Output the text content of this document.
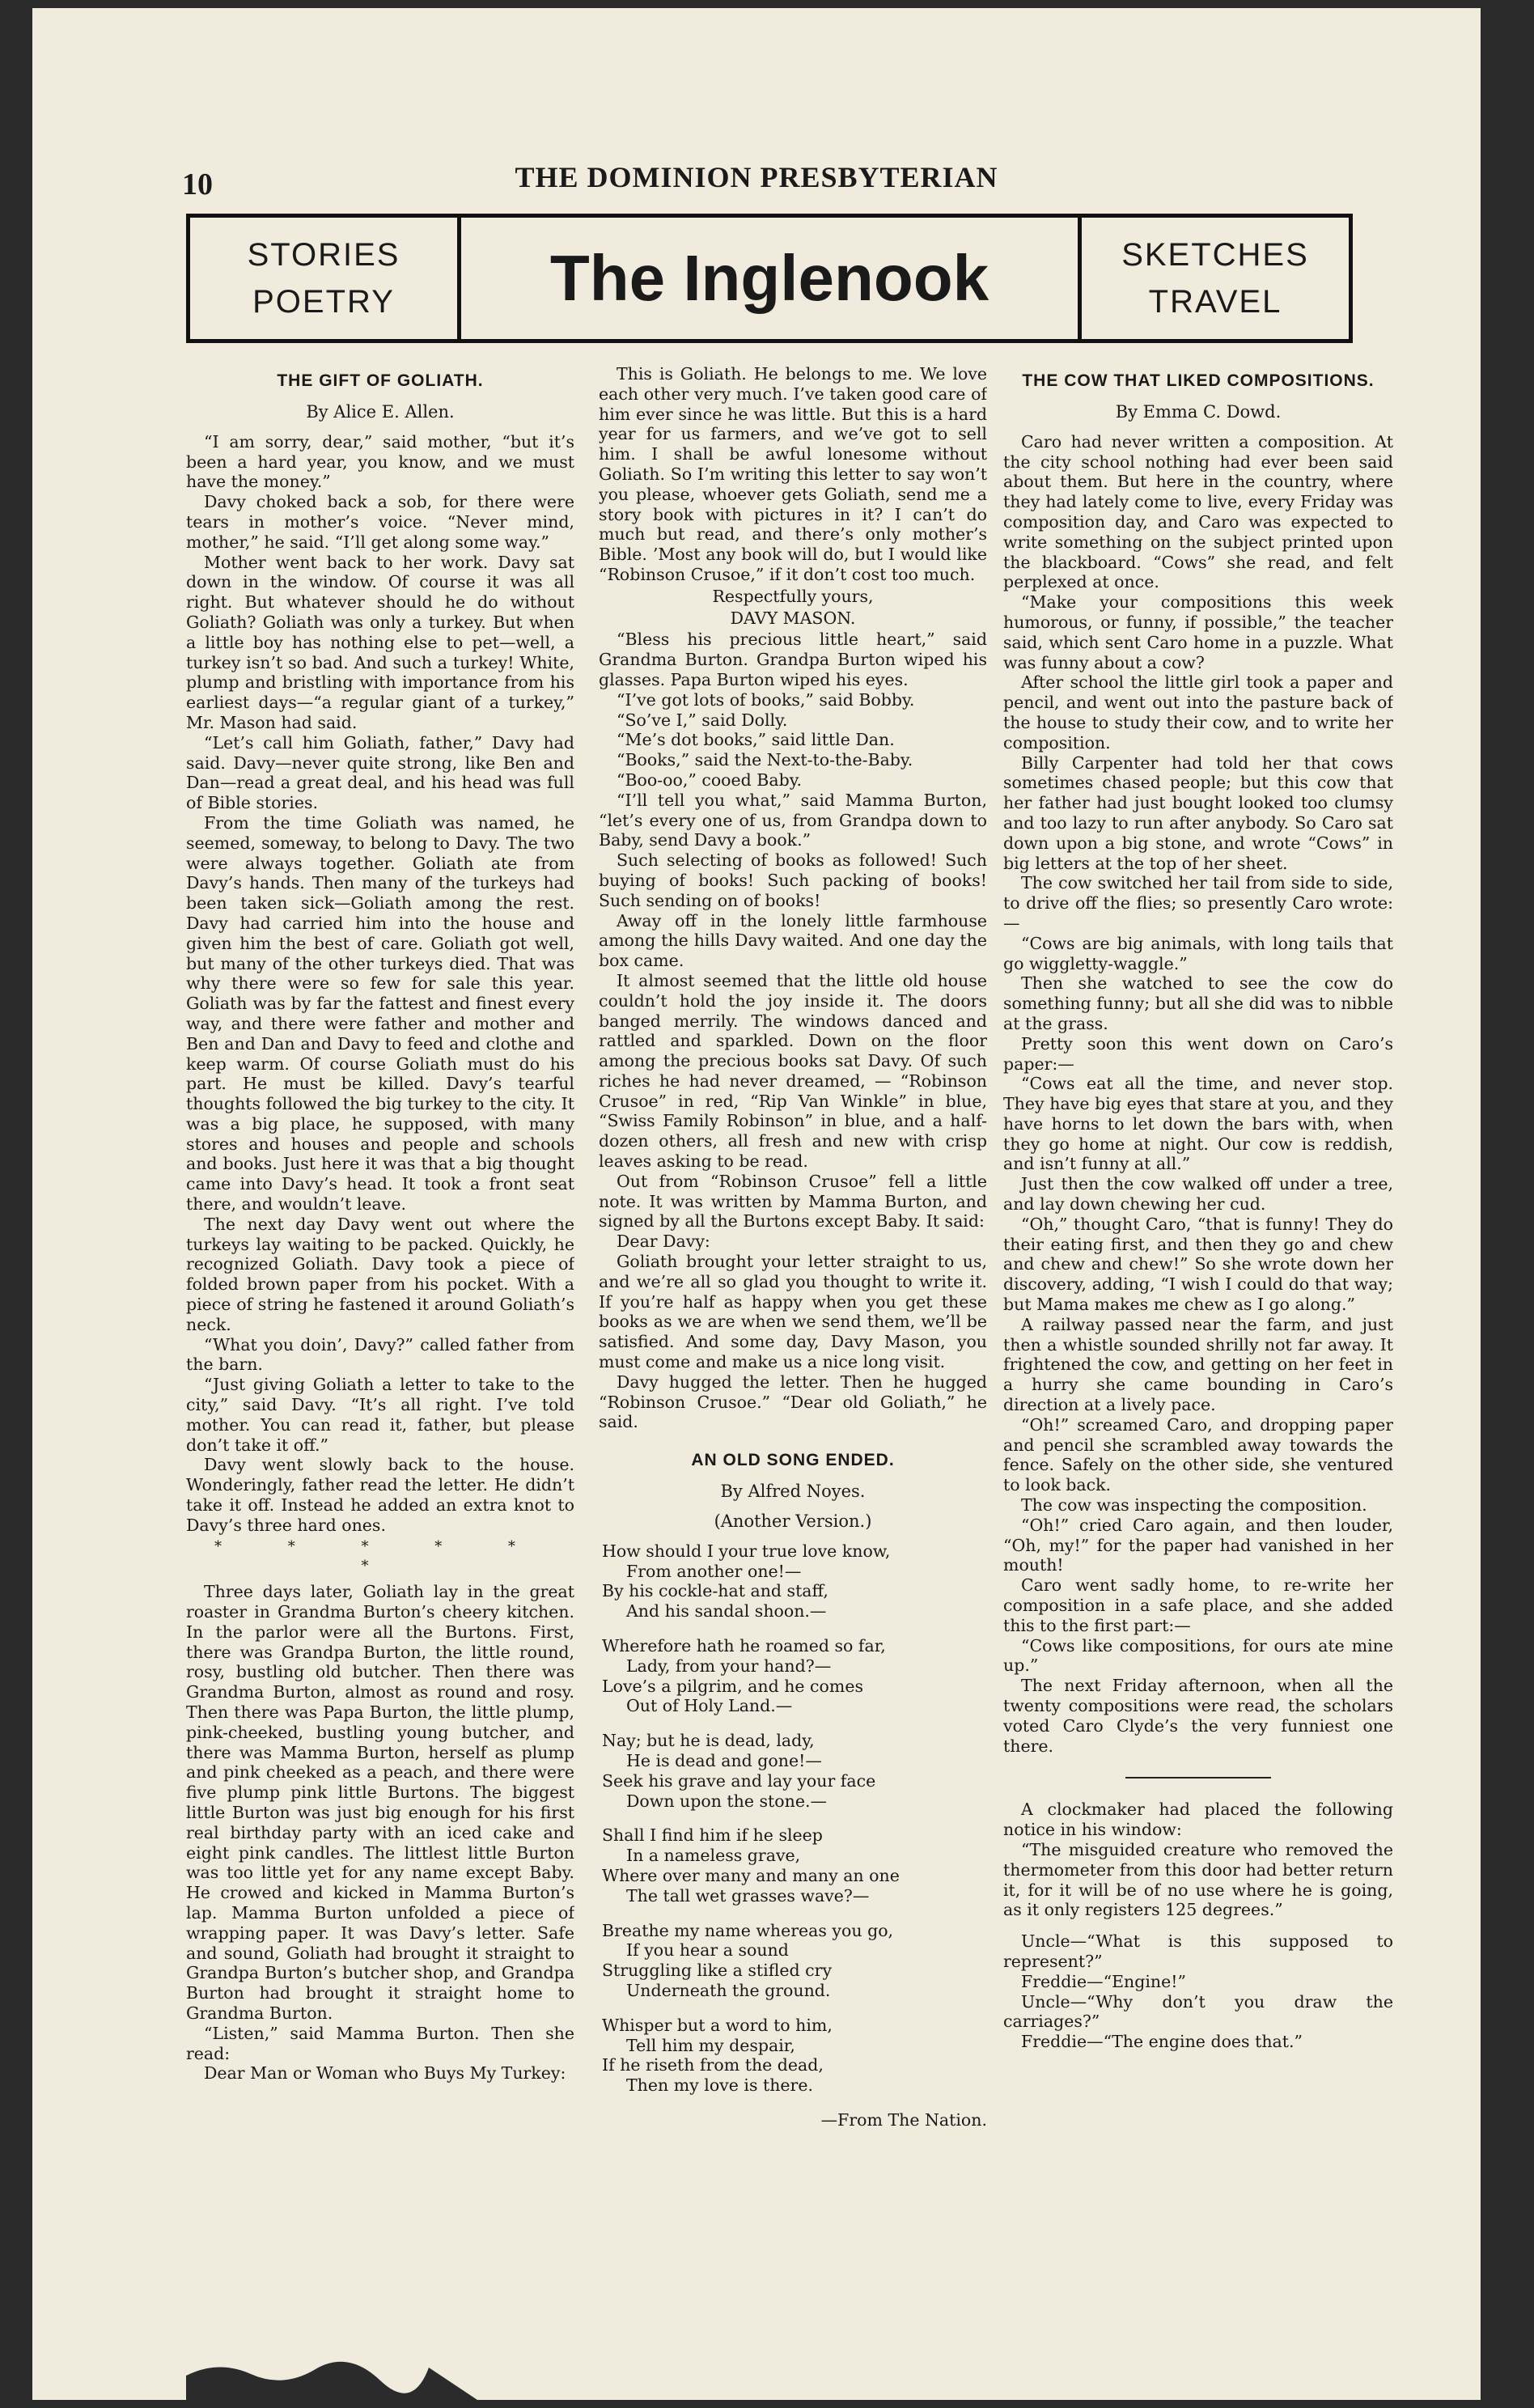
10	THE DOMINION PRESBYTERIAN
STORIES
POETRY	The Inglenook	SKETCHES
TRAVEL
THE GIFT OF GOLIATH.
By Alice E. Allen.

“I am sorry, dear,” said mother, “but it’s been a hard year, you know, and we must have the money.”

Davy choked back a sob, for there were tears in mother’s voice. “Never mind, mother,” he said. “I’ll get along some way.”

Mother went back to her work. Davy sat down in the window. Of course it was all right. But whatever should he do without Goliath? Goliath was only a turkey. But when a little boy has nothing else to pet—well, a turkey isn’t so bad. And such a turkey! White, plump and bristling with importance from his earliest days—“a regular giant of a turkey,” Mr. Mason had said.

“Let’s call him Goliath, father,” Davy had said. Davy—never quite strong, like Ben and Dan—read a great deal, and his head was full of Bible stories.

From the time Goliath was named, he seemed, someway, to belong to Davy. The two were always together. Goliath ate from Davy’s hands. Then many of the turkeys had been taken sick—Goliath among the rest. Davy had carried him into the house and given him the best of care. Goliath got well, but many of the other turkeys died. That was why there were so few for sale this year. Goliath was by far the fattest and finest every way, and there were father and mother and Ben and Dan and Davy to feed and clothe and keep warm. Of course Goliath must do his part. He must be killed. Davy’s tearful thoughts followed the big turkey to the city. It was a big place, he supposed, with many stores and houses and people and schools and books. Just here it was that a big thought came into Davy’s head. It took a front seat there, and wouldn’t leave.

The next day Davy went out where the turkeys lay waiting to be packed. Quickly, he recognized Goliath. Davy took a piece of folded brown paper from his pocket. With a piece of string he fastened it around Goliath’s neck.

“What you doin’, Davy?” called father from the barn.

“Just giving Goliath a letter to take to the city,” said Davy. “It’s all right. I’ve told mother. You can read it, father, but please don’t take it off.”

Davy went slowly back to the house. Wonderingly, father read the letter. He didn’t take it off. Instead he added an extra knot to Davy’s three hard ones.

* * * * * *

Three days later, Goliath lay in the great roaster in Grandma Burton’s cheery kitchen. In the parlor were all the Burtons. First, there was Grandpa Burton, the little round, rosy, bustling old butcher. Then there was Grandma Burton, almost as round and rosy. Then there was Papa Burton, the little plump, pink-cheeked, bustling young butcher, and there was Mamma Burton, herself as plump and pink cheeked as a peach, and there were five plump pink little Burtons. The biggest little Burton was just big enough for his first real birthday party with an iced cake and eight pink candles. The littlest little Burton was too little yet for any name except Baby. He crowed and kicked in Mamma Burton’s lap. Mamma Burton unfolded a piece of wrapping paper. It was Davy’s letter. Safe and sound, Goliath had brought it straight to Grandpa Burton’s butcher shop, and Grandpa Burton had brought it straight home to Grandma Burton.

“Listen,” said Mamma Burton. Then she read:

Dear Man or Woman who Buys My Turkey:

This is Goliath. He belongs to me. We love each other very much. I’ve taken good care of him ever since he was little. But this is a hard year for us farmers, and we’ve got to sell him. I shall be awful lonesome without Goliath. So I’m writing this letter to say won’t you please, whoever gets Goliath, send me a story book with pictures in it? I can’t do much but read, and there’s only mother’s Bible. ’Most any book will do, but I would like “Robinson Crusoe,” if it don’t cost too much.

Respectfully yours,
DAVY MASON.

“Bless his precious little heart,” said Grandma Burton. Grandpa Burton wiped his glasses. Papa Burton wiped his eyes.

“I’ve got lots of books,” said Bobby.

“So’ve I,” said Dolly.

“Me’s dot books,” said little Dan.

“Books,” said the Next-to-the-Baby.

“Boo-oo,” cooed Baby.

“I’ll tell you what,” said Mamma Burton, “let’s every one of us, from Grandpa down to Baby, send Davy a book.”

Such selecting of books as followed! Such buying of books! Such packing of books! Such sending on of books!

Away off in the lonely little farmhouse among the hills Davy waited. And one day the box came.

It almost seemed that the little old house couldn’t hold the joy inside it. The doors banged merrily. The windows danced and rattled and sparkled. Down on the floor among the precious books sat Davy. Of such riches he had never dreamed, — “Robinson Crusoe” in red, “Rip Van Winkle” in blue, “Swiss Family Robinson” in blue, and a half-dozen others, all fresh and new with crisp leaves asking to be read.

Out from “Robinson Crusoe” fell a little note. It was written by Mamma Burton, and signed by all the Burtons except Baby. It said:

Dear Davy:

Goliath brought your letter straight to us, and we’re all so glad you thought to write it. If you’re half as happy when you get these books as we are when we send them, we’ll be satisfied. And some day, Davy Mason, you must come and make us a nice long visit.

Davy hugged the letter. Then he hugged “Robinson Crusoe.” “Dear old Goliath,” he said.

AN OLD SONG ENDED.
By Alfred Noyes.
(Another Version.)
How should I your true love know,
From another one!—
By his cockle-hat and staff,
And his sandal shoon.—
Wherefore hath he roamed so far,
Lady, from your hand?—
Love’s a pilgrim, and he comes
Out of Holy Land.—
Nay; but he is dead, lady,
He is dead and gone!—
Seek his grave and lay your face
Down upon the stone.—
Shall I find him if he sleep
In a nameless grave,
Where over many and many an one
The tall wet grasses wave?—
Breathe my name whereas you go,
If you hear a sound
Struggling like a stifled cry
Underneath the ground.
Whisper but a word to him,
Tell him my despair,
If he riseth from the dead,
Then my love is there.
—From The Nation.
THE COW THAT LIKED COMPOSITIONS.
By Emma C. Dowd.

Caro had never written a composition. At the city school nothing had ever been said about them. But here in the country, where they had lately come to live, every Friday was composition day, and Caro was expected to write something on the subject printed upon the blackboard. “Cows” she read, and felt perplexed at once.

“Make your compositions this week humorous, or funny, if possible,” the teacher said, which sent Caro home in a puzzle. What was funny about a cow?

After school the little girl took a paper and pencil, and went out into the pasture back of the house to study their cow, and to write her composition.

Billy Carpenter had told her that cows sometimes chased people; but this cow that her father had just bought looked too clumsy and too lazy to run after anybody. So Caro sat down upon a big stone, and wrote “Cows” in big letters at the top of her sheet.

The cow switched her tail from side to side, to drive off the flies; so presently Caro wrote:—

“Cows are big animals, with long tails that go wiggletty-waggle.”

Then she watched to see the cow do something funny; but all she did was to nibble at the grass.

Pretty soon this went down on Caro’s paper:—

“Cows eat all the time, and never stop. They have big eyes that stare at you, and they have horns to let down the bars with, when they go home at night. Our cow is reddish, and isn’t funny at all.”

Just then the cow walked off under a tree, and lay down chewing her cud.

“Oh,” thought Caro, “that is funny! They do their eating first, and then they go and chew and chew and chew!” So she wrote down her discovery, adding, “I wish I could do that way; but Mama makes me chew as I go along.”

A railway passed near the farm, and just then a whistle sounded shrilly not far away. It frightened the cow, and getting on her feet in a hurry she came bounding in Caro’s direction at a lively pace.

“Oh!” screamed Caro, and dropping paper and pencil she scrambled away towards the fence. Safely on the other side, she ventured to look back.

The cow was inspecting the composition.

“Oh!” cried Caro again, and then louder, “Oh, my!” for the paper had vanished in her mouth!

Caro went sadly home, to re-write her composition in a safe place, and she added this to the first part:—

“Cows like compositions, for ours ate mine up.”

The next Friday afternoon, when all the twenty compositions were read, the scholars voted Caro Clyde’s the very funniest one there.

A clockmaker had placed the following notice in his window:

“The misguided creature who removed the thermometer from this door had better return it, for it will be of no use where he is going, as it only registers 125 degrees.”

Uncle—“What is this supposed to represent?”

Freddie—“Engine!”

Uncle—“Why don’t you draw the carriages?”

Freddie—“The engine does that.”
